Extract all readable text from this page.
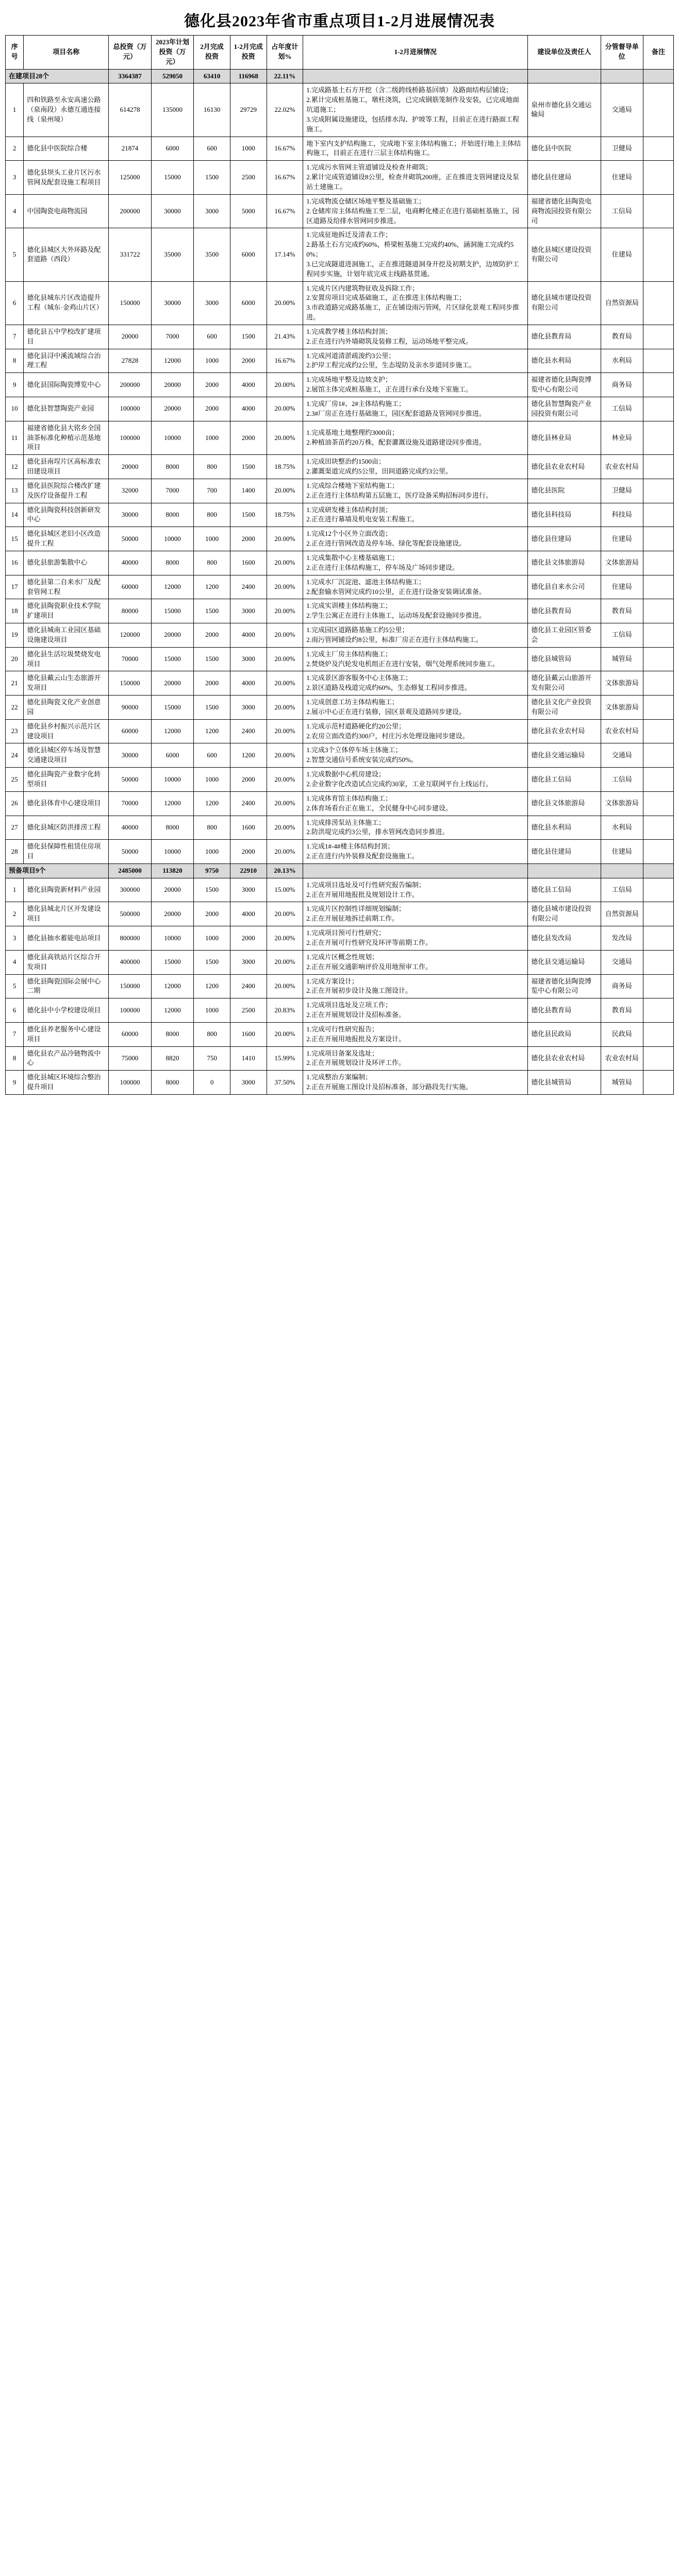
德化县2023年省市重点项目1-2月进展情况表
序号	项目名称	总投资（万元）	2023年计划投资（万元）	2月完成投资	1-2月完成投资	占年度计划%	1-2月进展情况	建设单位及责任人	分管督导单位	备注
在建项目28个		3364387	529050	63410	116968	22.11%				
1	四和铁路至永安高速公路（泉南段）永德互通连接线（泉州境）	614278	135000	16130	29729	22.02%	1.完成路基土石方开挖（含二级跨线桥路基回填）及路面结构层铺设；
2.累计完成桩基施工，墩柱浇筑，已完成钢筋笼制作及安装，已完成地面坑道施工；
3.完成附属设施建设，包括排水沟、护坡等工程，目前正在进行路面工程施工。	泉州市德化县交通运输局	交通局	
2	德化县中医院综合楼	21874	6000	600	1000	16.67%	地下室内支护结构施工，完成地下室主体结构施工；开始进行地上主体结构施工，目前正在进行三层主体结构施工。	德化县中医院	卫健局	
3	德化县坝头工业片区污水管网及配套设施工程项目	125000	15000	1500	2500	16.67%	1.完成污水管网主管道铺设及检查井砌筑；
2.累计完成管道铺设8公里，检查井砌筑200座，正在推进支管网建设及泵站土建施工。	德化县住建局	住建局	
4	中国陶瓷电商物流园	200000	30000	3000	5000	16.67%	1.完成物流仓储区场地平整及基础施工；
2.仓储库房主体结构施工至二层，电商孵化楼正在进行基础桩基施工，园区道路及给排水管网同步推进。	福建省德化县陶瓷电商物流园投资有限公司	工信局	
5	德化县城区大外环路及配套道路（西段）	331722	35000	3500	6000	17.14%	1.完成征地拆迁及清表工作；
2.路基土石方完成约60%，桥梁桩基施工完成约40%，涵洞施工完成约50%；
3.已完成隧道进洞施工，正在推进隧道洞身开挖及初期支护，边坡防护工程同步实施，计划年底完成主线路基贯通。	德化县城区建设投资有限公司	住建局	
6	德化县城东片区改造提升工程（城东·金鸡山片区）	150000	30000	3000	6000	20.00%	1.完成片区内建筑物征收及拆除工作；
2.安置房项目完成基础施工，正在推进主体结构施工；
3.市政道路完成路基施工，正在铺设雨污管网，片区绿化景观工程同步推进。	德化县城市建设投资有限公司	自然资源局	
7	德化县五中学校改扩建项目	20000	7000	600	1500	21.43%	1.完成教学楼主体结构封顶；
2.正在进行内外墙砌筑及装修工程，运动场地平整完成。	德化县教育局	教育局	
8	德化县浔中溪流域综合治理工程	27828	12000	1000	2000	16.67%	1.完成河道清淤疏浚约3公里；
2.护岸工程完成约2公里，生态堤防及亲水步道同步施工。	德化县水利局	水利局	
9	德化县国际陶瓷博览中心	200000	20000	2000	4000	20.00%	1.完成场地平整及边坡支护；
2.展馆主体完成桩基施工，正在进行承台及地下室施工。	福建省德化县陶瓷博览中心有限公司	商务局	
10	德化县智慧陶瓷产业园	100000	20000	2000	4000	20.00%	1.完成厂房1#、2#主体结构施工；
2.3#厂房正在进行基础施工，园区配套道路及管网同步推进。	德化县智慧陶瓷产业园投资有限公司	工信局	
11	福建省德化县大铭乡全国油茶标准化种植示范基地项目	100000	10000	1000	2000	20.00%	1.完成基地土地整理约3000亩；
2.种植油茶苗约20万株，配套灌溉设施及道路建设同步推进。	德化县林业局	林业局	
12	德化县南埕片区高标准农田建设项目	20000	8000	800	1500	18.75%	1.完成田块整治约1500亩；
2.灌溉渠道完成约5公里，田间道路完成约3公里。	德化县农业农村局	农业农村局	
13	德化县医院综合楼改扩建及医疗设备提升工程	32000	7000	700	1400	20.00%	1.完成综合楼地下室结构施工；
2.正在进行主体结构第五层施工，医疗设备采购招标同步进行。	德化县医院	卫健局	
14	德化县陶瓷科技创新研发中心	30000	8000	800	1500	18.75%	1.完成研发楼主体结构封顶；
2.正在进行幕墙及机电安装工程施工。	德化县科技局	科技局	
15	德化县城区老旧小区改造提升工程	50000	10000	1000	2000	20.00%	1.完成12个小区外立面改造；
2.正在进行管网改造及停车场、绿化等配套设施建设。	德化县住建局	住建局	
16	德化县旅游集散中心	40000	8000	800	1600	20.00%	1.完成集散中心主楼基础施工；
2.正在进行主体结构施工，停车场及广场同步建设。	德化县文体旅游局	文体旅游局	
17	德化县第二自来水厂及配套管网工程	60000	12000	1200	2400	20.00%	1.完成水厂沉淀池、滤池主体结构施工；
2.配套输水管网完成约10公里，正在进行设备安装调试准备。	德化县自来水公司	住建局	
18	德化县陶瓷职业技术学院扩建项目	80000	15000	1500	3000	20.00%	1.完成实训楼主体结构施工；
2.学生公寓正在进行主体施工，运动场及配套设施同步推进。	德化县教育局	教育局	
19	德化县城南工业园区基础设施建设项目	120000	20000	2000	4000	20.00%	1.完成园区道路路基施工约5公里；
2.雨污管网铺设约8公里，标准厂房正在进行主体结构施工。	德化县工业园区管委会	工信局	
20	德化县生活垃圾焚烧发电项目	70000	15000	1500	3000	20.00%	1.完成主厂房主体结构施工；
2.焚烧炉及汽轮发电机组正在进行安装，烟气处理系统同步施工。	德化县城管局	城管局	
21	德化县戴云山生态旅游开发项目	150000	20000	2000	4000	20.00%	1.完成景区游客服务中心主体施工；
2.景区道路及栈道完成约60%，生态修复工程同步推进。	德化县戴云山旅游开发有限公司	文体旅游局	
22	德化县陶瓷文化产业创意园	90000	15000	1500	3000	20.00%	1.完成创意工坊主体结构施工；
2.展示中心正在进行装修，园区景观及道路同步建设。	德化县文化产业投资有限公司	文体旅游局	
23	德化县乡村振兴示范片区建设项目	60000	12000	1200	2400	20.00%	1.完成示范村道路硬化约20公里；
2.农房立面改造约300户，村庄污水处理设施同步建设。	德化县农业农村局	农业农村局	
24	德化县城区停车场及智慧交通建设项目	30000	6000	600	1200	20.00%	1.完成3个立体停车场主体施工；
2.智慧交通信号系统安装完成约50%。	德化县交通运输局	交通局	
25	德化县陶瓷产业数字化转型项目	50000	10000	1000	2000	20.00%	1.完成数据中心机房建设；
2.企业数字化改造试点完成约30家，工业互联网平台上线运行。	德化县工信局	工信局	
26	德化县体育中心建设项目	70000	12000	1200	2400	20.00%	1.完成体育馆主体结构施工；
2.体育场看台正在施工，全民健身中心同步建设。	德化县文体旅游局	文体旅游局	
27	德化县城区防洪排涝工程	40000	8000	800	1600	20.00%	1.完成排涝泵站主体施工；
2.防洪堤完成约3公里，排水管网改造同步推进。	德化县水利局	水利局	
28	德化县保障性租赁住房项目	50000	10000	1000	2000	20.00%	1.完成1#-4#楼主体结构封顶；
2.正在进行内外装修及配套设施施工。	德化县住建局	住建局	
预备项目9个		2485000	113820	9750	22910	20.13%				
1	德化县陶瓷新材料产业园	300000	20000	1500	3000	15.00%	1.完成项目选址及可行性研究报告编制；
2.正在开展用地报批及规划设计工作。	德化县工信局	工信局	
2	德化县城北片区开发建设项目	500000	20000	2000	4000	20.00%	1.完成片区控制性详细规划编制；
2.正在开展征地拆迁前期工作。	德化县城市建设投资有限公司	自然资源局	
3	德化县抽水蓄能电站项目	800000	10000	1000	2000	20.00%	1.完成项目预可行性研究；
2.正在开展可行性研究及环评等前期工作。	德化县发改局	发改局	
4	德化县高铁站片区综合开发项目	400000	15000	1500	3000	20.00%	1.完成片区概念性规划；
2.正在开展交通影响评价及用地预审工作。	德化县交通运输局	交通局	
5	德化县陶瓷国际会展中心二期	150000	12000	1200	2400	20.00%	1.完成方案设计；
2.正在开展初步设计及施工图设计。	福建省德化县陶瓷博览中心有限公司	商务局	
6	德化县中小学校建设项目	100000	12000	1000	2500	20.83%	1.完成项目选址及立项工作；
2.正在开展规划设计及招标准备。	德化县教育局	教育局	
7	德化县养老服务中心建设项目	60000	8000	800	1600	20.00%	1.完成可行性研究报告；
2.正在开展用地报批及方案设计。	德化县民政局	民政局	
8	德化县农产品冷链物流中心	75000	8820	750	1410	15.99%	1.完成项目备案及选址；
2.正在开展规划设计及环评工作。	德化县农业农村局	农业农村局	
9	德化县城区环境综合整治提升项目	100000	8000	0	3000	37.50%	1.完成整治方案编制；
2.正在开展施工图设计及招标准备，部分路段先行实施。	德化县城管局	城管局	
